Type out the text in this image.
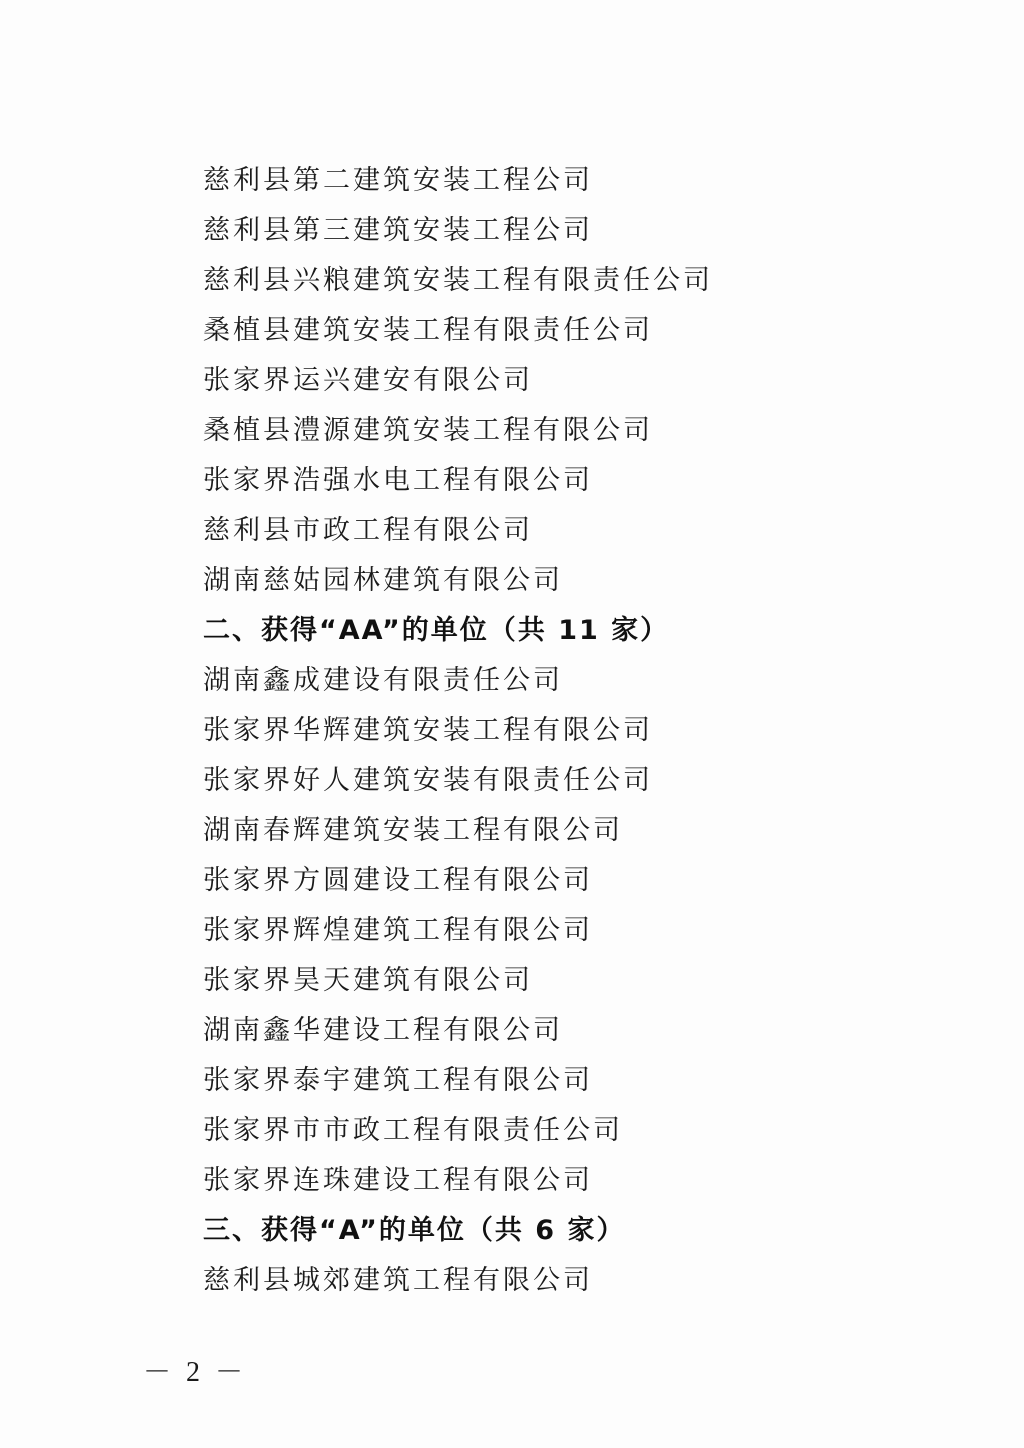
慈利县第二建筑安装工程公司
慈利县第三建筑安装工程公司
慈利县兴粮建筑安装工程有限责任公司
桑植县建筑安装工程有限责任公司
张家界运兴建安有限公司
桑植县澧源建筑安装工程有限公司
张家界浩强水电工程有限公司
慈利县市政工程有限公司
湖南慈姑园林建筑有限公司
二、获得“AA”的单位（共 11 家）
湖南鑫成建设有限责任公司
张家界华辉建筑安装工程有限公司
张家界好人建筑安装有限责任公司
湖南春辉建筑安装工程有限公司
张家界方圆建设工程有限公司
张家界辉煌建筑工程有限公司
张家界昊天建筑有限公司
湖南鑫华建设工程有限公司
张家界泰宇建筑工程有限公司
张家界市市政工程有限责任公司
张家界连珠建设工程有限公司
三、获得“A”的单位（共 6 家）
慈利县城郊建筑工程有限公司
－ 2 －
